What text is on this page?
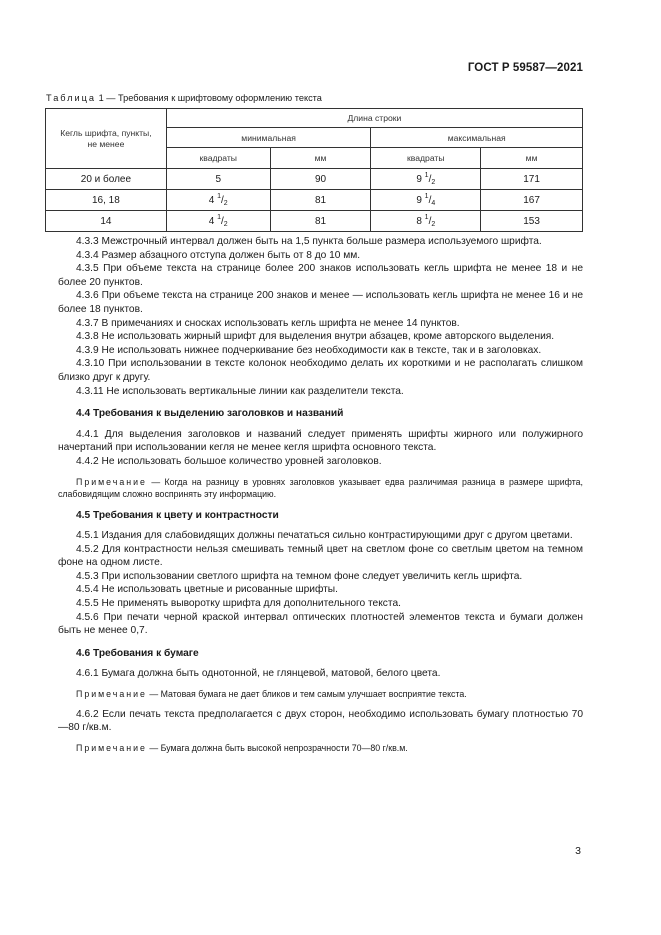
ГОСТ Р 59587—2021
Таблица 1 — Требования к шрифтовому оформлению текста
Кегль шрифта, пункты, не менее	Длина строки			
	минимальная		максимальная	
	квадраты	мм	квадраты	мм
20 и более	5	90	9 $^1/_2$	171
16, 18	4 $^1/_2$	81	9 $^1/_4$	167
14	4 $^1/_2$	81	8 $^1/_2$	153

4.3.3 Межстрочный интервал должен быть на 1,5 пункта больше размера используемого шрифта.

4.3.4 Размер абзацного отступа должен быть от 8 до 10 мм.

4.3.5 При объеме текста на странице более 200 знаков использовать кегль шрифта не менее 18 и не более 20 пунктов.

4.3.6 При объеме текста на странице 200 знаков и менее — использовать кегль шрифта не менее 16 и не более 18 пунктов.

4.3.7 В примечаниях и сносках использовать кегль шрифта не менее 14 пунктов.

4.3.8 Не использовать жирный шрифт для выделения внутри абзацев, кроме авторского выделения.

4.3.9 Не использовать нижнее подчеркивание без необходимости как в тексте, так и в заголовках.

4.3.10 При использовании в тексте колонок необходимо делать их короткими и не располагать слишком близко друг к другу.

4.3.11 Не использовать вертикальные линии как разделители текста.

4.4 Требования к выделению заголовков и названий

4.4.1 Для выделения заголовков и названий следует применять шрифты жирного или полужирного начертаний при использовании кегля не менее кегля шрифта основного текста.

4.4.2 Не использовать большое количество уровней заголовков.

Примечание — Когда на разницу в уровнях заголовков указывает едва различимая разница в размере шрифта, слабовидящим сложно воспринять эту информацию.

4.5 Требования к цвету и контрастности

4.5.1 Издания для слабовидящих должны печататься сильно контрастирующими друг с другом цветами.

4.5.2 Для контрастности нельзя смешивать темный цвет на светлом фоне со светлым цветом на темном фоне на одном листе.

4.5.3 При использовании светлого шрифта на темном фоне следует увеличить кегль шрифта.

4.5.4 Не использовать цветные и рисованные шрифты.

4.5.5 Не применять выворотку шрифта для дополнительного текста.

4.5.6 При печати черной краской интервал оптических плотностей элементов текста и бумаги должен быть не менее 0,7.

4.6 Требования к бумаге

4.6.1 Бумага должна быть однотонной, не глянцевой, матовой, белого цвета.

Примечание — Матовая бумага не дает бликов и тем самым улучшает восприятие текста.

4.6.2 Если печать текста предполагается с двух сторон, необходимо использовать бумагу плотностью 70—80 г/кв.м.

Примечание — Бумага должна быть высокой непрозрачности 70—80 г/кв.м.

3
